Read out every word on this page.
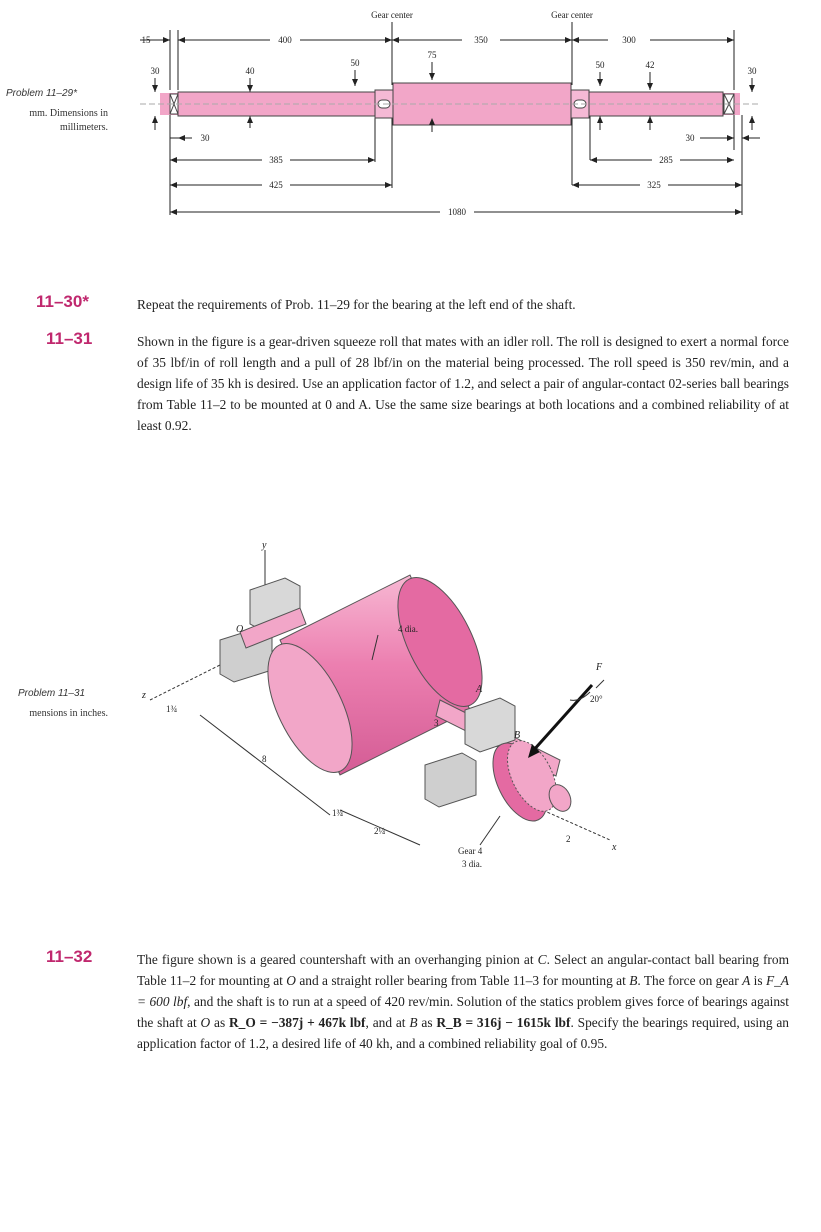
Problem 11–29*
mm. Dimensions in
millimeters.
Gear center	Gear center
15	400	350	300
30	40
50
75
50	42
30
30
385
425
30
285
325
1080
11–30*	Repeat the requirements of Prob. 11–29 for the bearing at the left end of the shaft.

11–31	Shown in the figure is a gear-driven squeeze roll that mates with an idler roll. The roll is designed to exert a normal force of 35 lbf/in of roll length and a pull of 28 lbf/in on the material being processed. The roll speed is 350 rev/min, and a design life of 35 kh is desired. Use an application factor of 1.2, and select a pair of angular-contact 02-series ball bearings from Table 11–2 to be mounted at 0 and A. Use the same size bearings at both locations and a combined reliability of at least 0.92.

Problem 11–31
mensions in inches.
y
O
A
B
F
z
x
4 dia.
20°
1¾
8
3
1¾
2¼
2
Gear 4
3 dia.
11–32	The figure shown is a geared countershaft with an overhanging pinion at C. Select an angular-contact ball bearing from Table 11–2 for mounting at O and a straight roller bearing from Table 11–3 for mounting at B. The force on gear A is F_A = 600 lbf, and the shaft is to run at a speed of 420 rev/min. Solution of the statics problem gives force of bearings against the shaft at O as R_O = −387j + 467k lbf, and at B as R_B = 316j − 1615k lbf. Specify the bearings required, using an application factor of 1.2, a desired life of 40 kh, and a combined reliability goal of 0.95.
